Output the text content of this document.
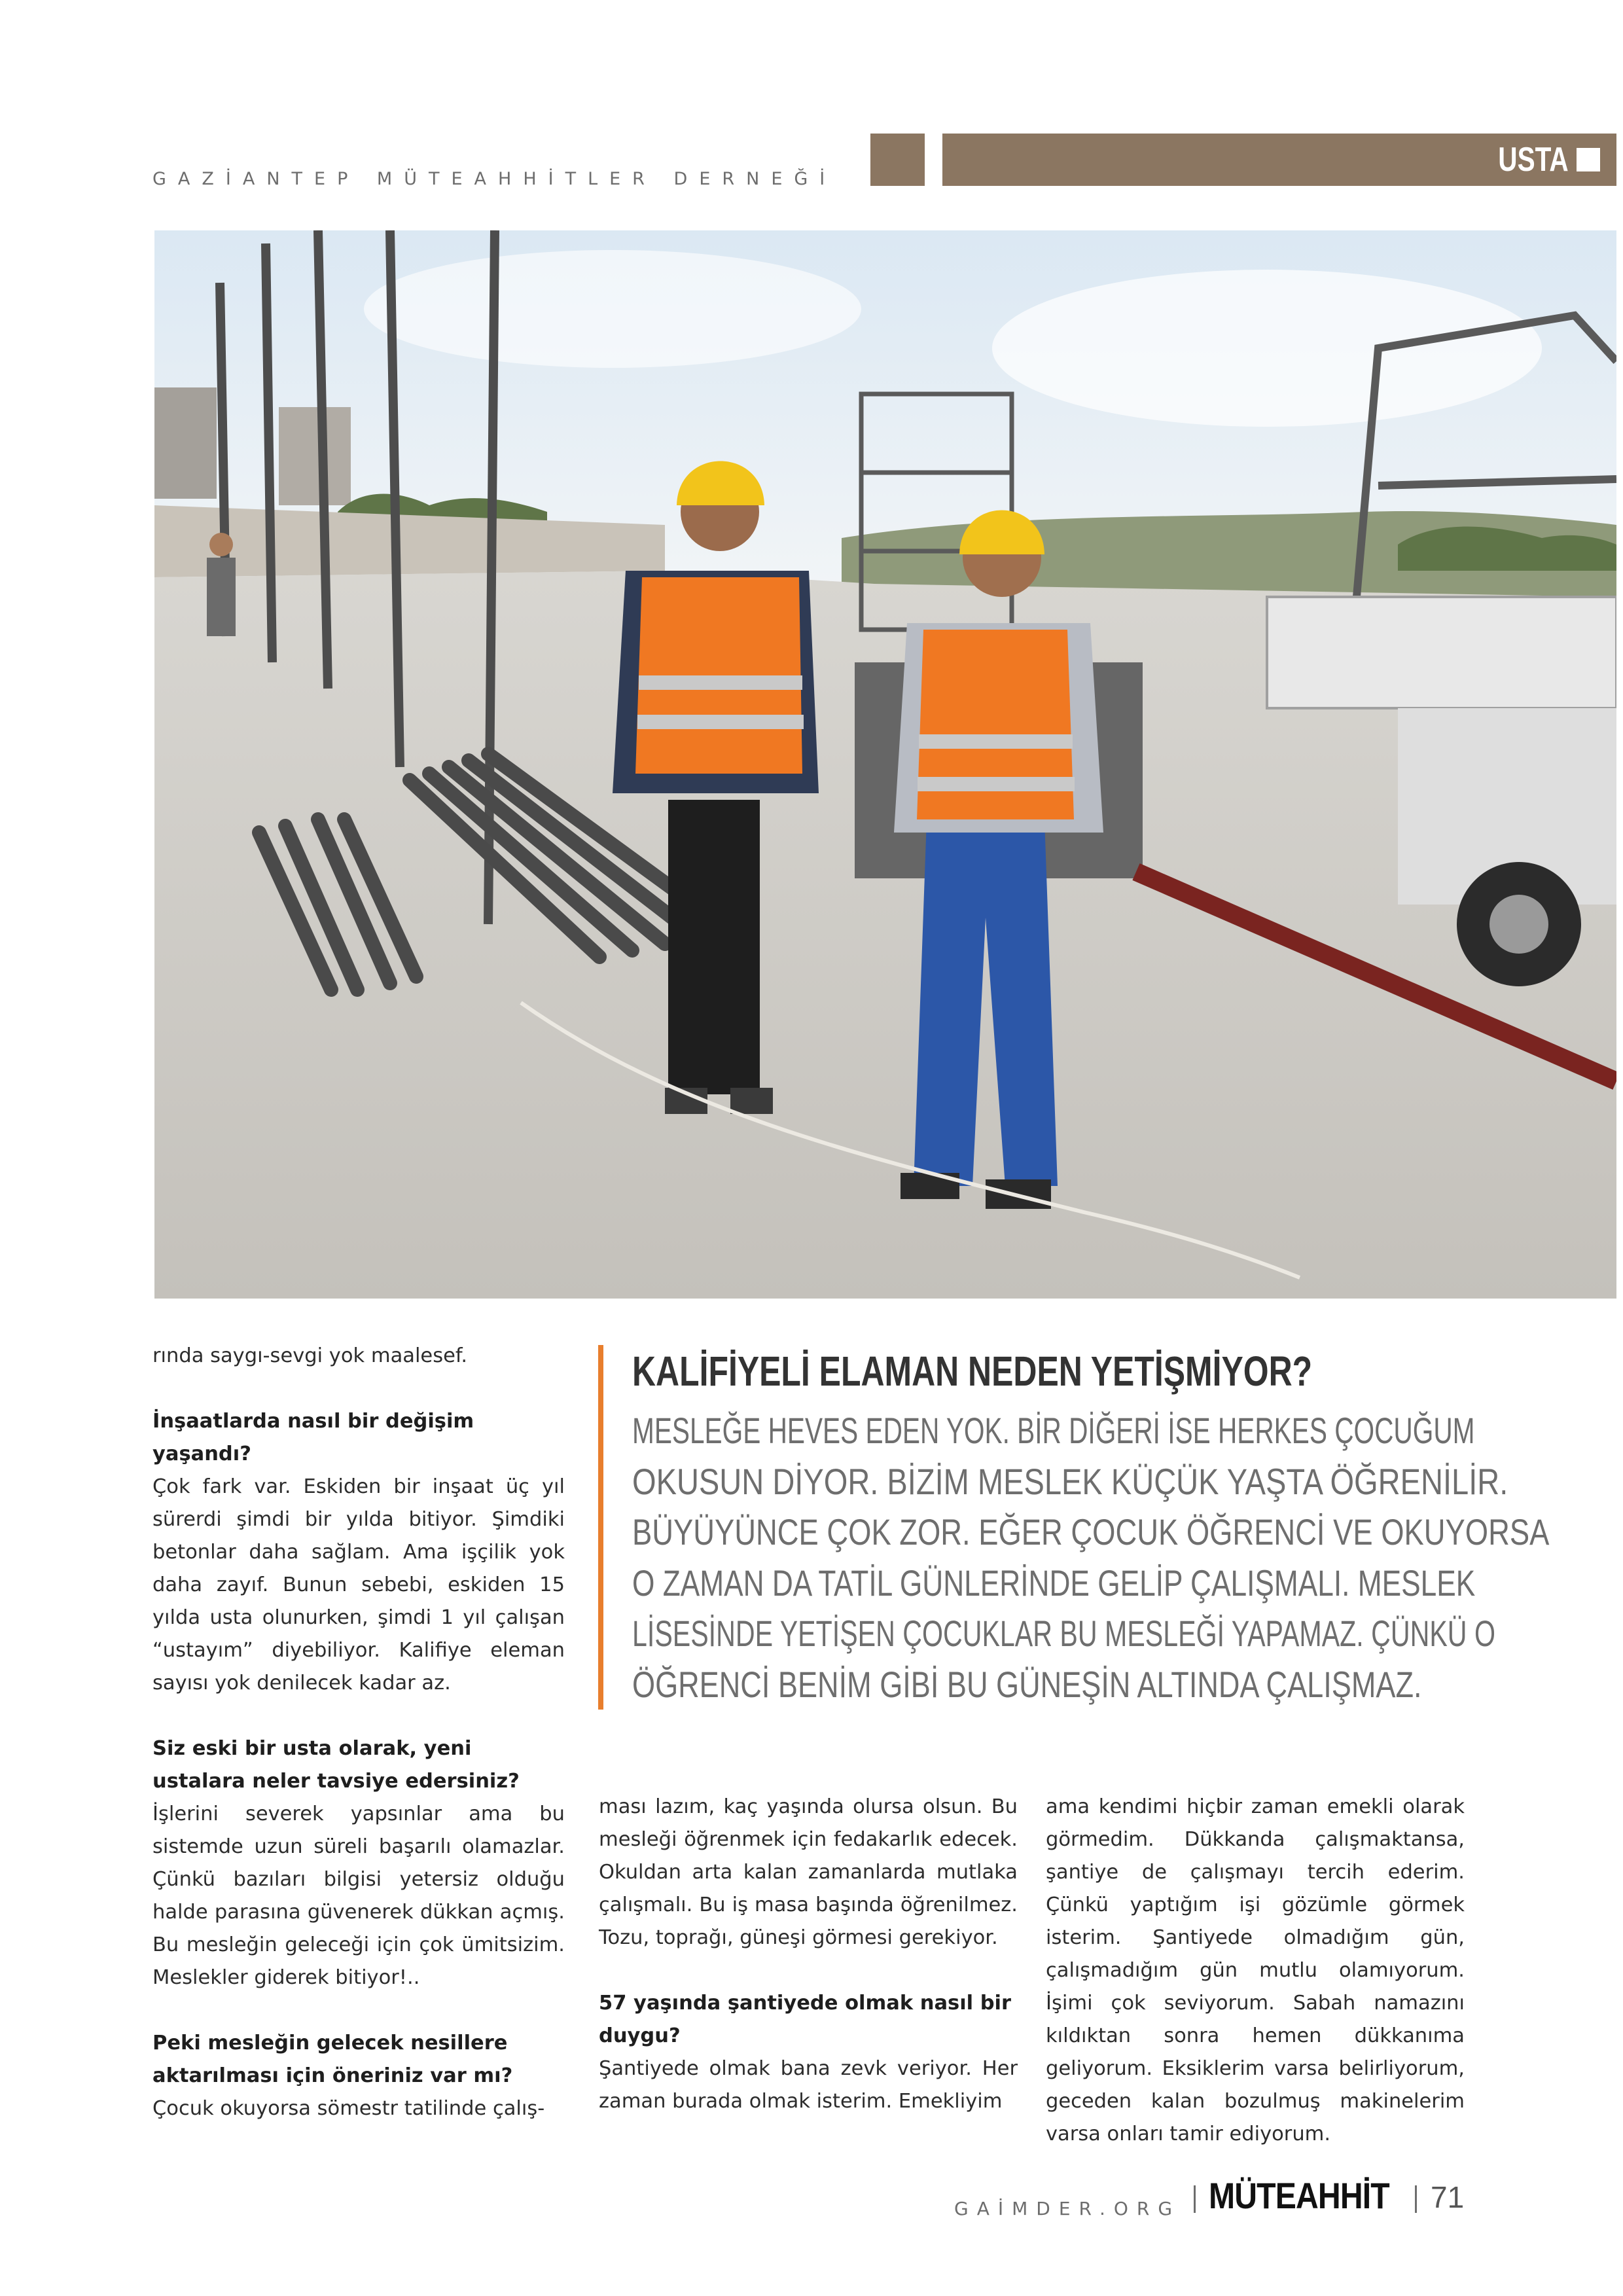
GAZİANTEP MÜTEAHHİTLER DERNEĞİ
USTA

rında saygı-sevgi yok maalesef.

İnşaatlarda nasıl bir değişim yaşandı?

Çok fark var. Eskiden bir inşaat üç yıl sürerdi şimdi bir yılda bitiyor. Şimdiki betonlar daha sağlam. Ama işçilik yok daha zayıf. Bunun sebebi, eskiden 15 yılda usta olunurken, şimdi 1 yıl çalışan “ustayım” diyebiliyor. Kalifiye eleman sayısı yok denilecek kadar az.

Siz eski bir usta olarak, yeni ustalara neler tavsiye edersiniz?

İşlerini severek yapsınlar ama bu sistemde uzun süreli başarılı olamazlar. Çünkü bazıları bilgisi yetersiz olduğu halde parasına güvenerek dükkan açmış. Bu mesleğin geleceği için çok ümitsizim. Meslekler giderek bitiyor!..

Peki mesleğin gelecek nesillere aktarılması için öneriniz var mı?

Çocuk okuyorsa sömestr tatilinde çalış-

KALİFİYELİ ELAMAN NEDEN YETİŞMİYOR?
MESLEĞE HEVES EDEN YOK. BİR DİĞERİ İSE HERKES ÇOCUĞUM
OKUSUN DİYOR. BİZİM MESLEK KÜÇÜK YAŞTA ÖĞRENİLİR.
BÜYÜYÜNCE ÇOK ZOR. EĞER ÇOCUK ÖĞRENCİ VE OKUYORSA
O ZAMAN DA TATİL GÜNLERİNDE GELİP ÇALIŞMALI. MESLEK
LİSESİNDE YETİŞEN ÇOCUKLAR BU MESLEĞİ YAPAMAZ. ÇÜNKÜ O
ÖĞRENCİ BENİM GİBİ BU GÜNEŞİN ALTINDA ÇALIŞMAZ.

ması lazım, kaç yaşında olursa olsun. Bu mesleği öğrenmek için fedakarlık edecek. Okuldan arta kalan zamanlarda mutlaka çalışmalı. Bu iş masa başında öğrenilmez. Tozu, toprağı, güneşi görmesi gerekiyor.

57 yaşında şantiyede olmak nasıl bir duygu?

Şantiyede olmak bana zevk veriyor. Her zaman burada olmak isterim. Emekliyim

ama kendimi hiçbir zaman emekli olarak görmedim. Dükkanda çalışmaktansa, şantiye de çalışmayı tercih ederim. Çünkü yaptığım işi gözümle görmek isterim. Şantiyede olmadığım gün, çalışmadığım gün mutlu olamıyorum. İşimi çok seviyorum. Sabah namazını kıldıktan sonra hemen dükkanıma geliyorum. Eksiklerim varsa belirliyorum, geceden kalan bozulmuş makinelerim varsa onları tamir ediyorum.

GAİMDER.ORG MÜTEAHHİT 71
